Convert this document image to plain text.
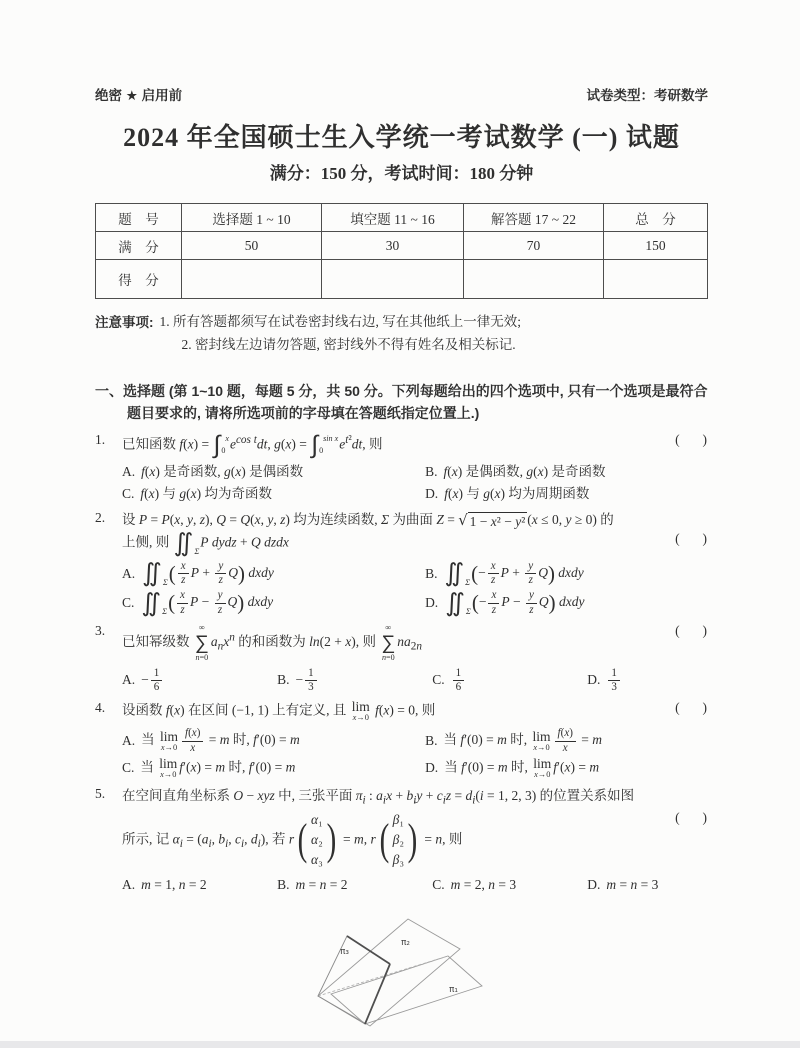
绝密 ★ 启用前	试卷类型：考研数学
2024 年全国硕士生入学统一考试数学 (一) 试题
满分：150 分，考试时间：180 分钟
题　号	选择题 1 ~ 10	填空题 11 ~ 16	解答题 17 ~ 22	总　分
满　分	50	30	70	150
得　分				
注意事项: 1. 所有答题都须写在试卷密封线右边, 写在其他纸上一律无效;
2. 密封线左边请勿答题, 密封线外不得有姓名及相关标记.
一、选择题 (第 1~10 题，每题 5 分，共 50 分。下列每题给出的四个选项中, 只有一个选项是最符合题目要求的, 请将所选项前的字母填在答题纸指定位置上.)
1.	已知函数 f(x) = ∫ x
0 $e^{cos t}dt$, g(x) = ∫ sin x
0	$e^{t^2}dt$, 则	(     )
A. f(x) 是奇函数, g(x) 是偶函数	B. f(x) 是偶函数, g(x) 是奇函数
C. f(x) 与 g(x) 均为奇函数	D. f(x) 与 g(x) 均为周期函数
2.	设 P = P(x, y, z), Q = Q(x, y, z) 均为连续函数, Σ 为曲面 Z = √ 1 − x² − y² (x ≤ 0, y ≥ 0) 的
上侧, 则 ∬ Σ
P dydz + Q dzdx	(     )
A. ∬ Σ ( $\frac{x}{z}$ $P + \frac{y}{z} Q$) dxdy	B. ∬ Σ (− $\frac{x}{z}$ $P + \frac{y}{z} Q$) dxdy
C. ∬ Σ ( $\frac{x}{z}$ $P - \frac{y}{z} Q$) dxdy	D. ∬ Σ (− $\frac{x}{z}$ $P - \frac{y}{z} Q$) dxdy
3.
已知幂级数
∞
∑
n=0
$a_nx^n$ 的和函数为 ln(2 + x), 则
∞
∑
n=0
$na_{2n}$
(     )
A. − $\frac{1}{6}$	B. − $\frac{1}{3}$	C. $\frac{1}{6}$	D. $\frac{1}{3}$
4.	设函数 f(x) 在区间 (−1, 1) 上有定义, 且 lim
x→0
f(x) = 0, 则	(     )
A. 当 lim
$x\to 0 \frac{f(x)}{x} = m$ 时, f′(0) = m	B. 当 f′(0) = m 时, lim
$x\to 0 \frac{f(x)}{x} = m$
C. 当 lim
x→0
f′(x) = m 时, f′(0) = m	D. 当 f′(0) = m 时, lim
x→0
f′(x) = m
5.	在空间直角坐标系 O − xyz 中, 三张平面 $\pi_i$ : $a_ix + b_iy + c_iz = d_i(i = 1$, 2, 3) 的位置关系如图
所示, 记 $\alpha_i = (a_i$, $b_i$, $c_i$, $d_i$), 若 r ( α₁
α₂
α₃ ) = m, r ( β₁
β₂
β₃ ) = n, 则
(     )
A. m = 1, n = 2	B. m = n = 2	C. m = 2, n = 3	D. m = n = 3
π₃
π₂
π₁
